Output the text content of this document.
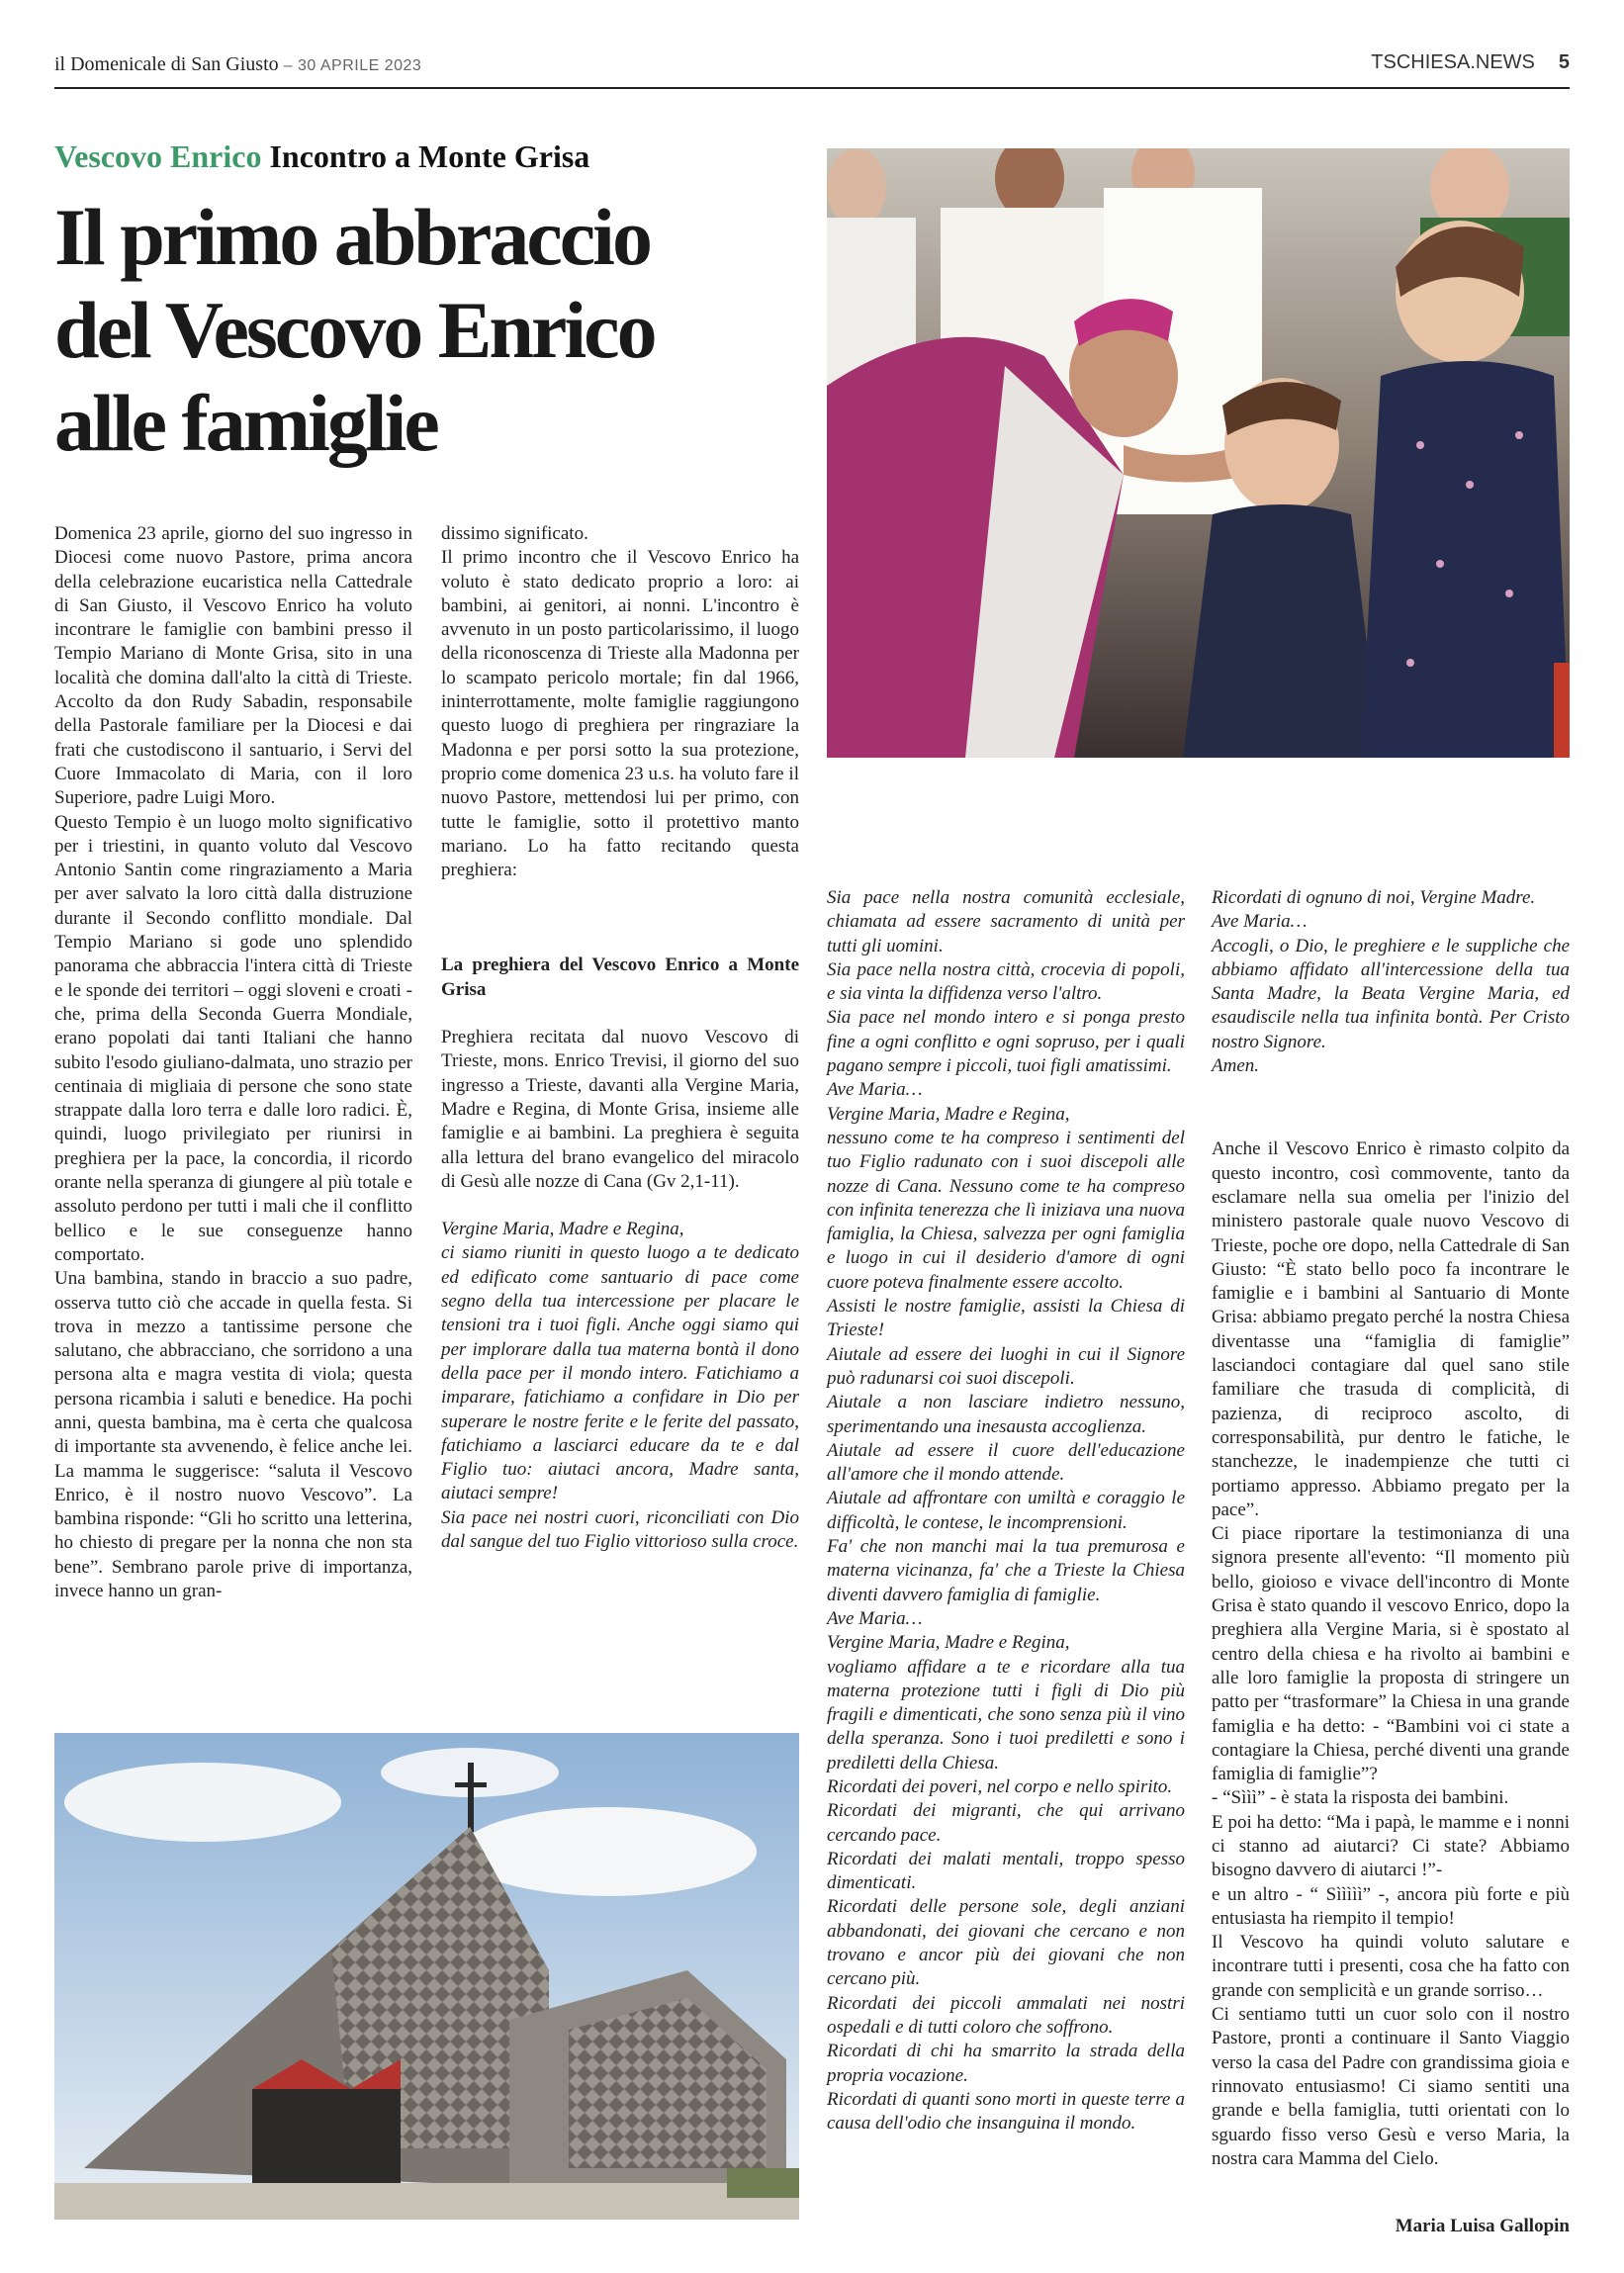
il Domenicale di San Giusto – 30 APRILE 2023	TSCHIESA.NEWS 5
Vescovo Enrico Incontro a Monte Grisa
Il primo abbraccio
del Vescovo Enrico
alle famiglie

Domenica 23 aprile, giorno del suo ingresso in Diocesi come nuovo Pastore, prima ancora della celebrazione eucaristica nella Cattedrale di San Giusto, il Vescovo Enrico ha voluto incontrare le famiglie con bambini presso il Tempio Mariano di Monte Grisa, sito in una località che domina dall'alto la città di Trieste. Accolto da don Rudy Sabadin, responsabile della Pastorale familiare per la Diocesi e dai frati che custodiscono il santuario, i Servi del Cuore Immacolato di Maria, con il loro Superiore, padre Luigi Moro.

Questo Tempio è un luogo molto significativo per i triestini, in quanto voluto dal Vescovo Antonio Santin come ringraziamento a Maria per aver salvato la loro città dalla distruzione durante il Secondo conflitto mondiale. Dal Tempio Mariano si gode uno splendido panorama che abbraccia l'intera città di Trieste e le sponde dei territori – oggi sloveni e croati - che, prima della Seconda Guerra Mondiale, erano popolati dai tanti Italiani che hanno subito l'esodo giuliano-dalmata, uno strazio per centinaia di migliaia di persone che sono state strappate dalla loro terra e dalle loro radici. È, quindi, luogo privilegiato per riunirsi in preghiera per la pace, la concordia, il ricordo orante nella speranza di giungere al più totale e assoluto perdono per tutti i mali che il conflitto bellico e le sue conseguenze hanno comportato.

Una bambina, stando in braccio a suo padre, osserva tutto ciò che accade in quella festa. Si trova in mezzo a tantissime persone che salutano, che abbracciano, che sorridono a una persona alta e magra vestita di viola; questa persona ricambia i saluti e benedice. Ha pochi anni, questa bambina, ma è certa che qualcosa di importante sta avvenendo, è felice anche lei. La mamma le suggerisce: “saluta il Vescovo Enrico, è il nostro nuovo Vescovo”. La bambina risponde: “Gli ho scritto una letterina, ho chiesto di pregare per la nonna che non sta bene”. Sembrano parole prive di importanza, invece hanno un gran-

dissimo significato.

Il primo incontro che il Vescovo Enrico ha voluto è stato dedicato proprio a loro: ai bambini, ai genitori, ai nonni. L'incontro è avvenuto in un posto particolarissimo, il luogo della riconoscenza di Trieste alla Madonna per lo scampato pericolo mortale; fin dal 1966, ininterrottamente, molte famiglie raggiungono questo luogo di preghiera per ringraziare la Madonna e per porsi sotto la sua protezione, proprio come domenica 23 u.s. ha voluto fare il nuovo Pastore, mettendosi lui per primo, con tutte le famiglie, sotto il protettivo manto mariano. Lo ha fatto recitando questa preghiera:

La preghiera del Vescovo Enrico a Monte Grisa

Preghiera recitata dal nuovo Vescovo di Trieste, mons. Enrico Trevisi, il giorno del suo ingresso a Trieste, davanti alla Vergine Maria, Madre e Regina, di Monte Grisa, insieme alle famiglie e ai bambini. La preghiera è seguita alla lettura del brano evangelico del miracolo di Gesù alle nozze di Cana (Gv 2,1-11).

Vergine Maria, Madre e Regina,

ci siamo riuniti in questo luogo a te dedicato ed edificato come santuario di pace come segno della tua intercessione per placare le tensioni tra i tuoi figli. Anche oggi siamo qui per implorare dalla tua materna bontà il dono della pace per il mondo intero. Fatichiamo a imparare, fatichiamo a confidare in Dio per superare le nostre ferite e le ferite del passato, fatichiamo a lasciarci educare da te e dal Figlio tuo: aiutaci ancora, Madre santa, aiutaci sempre!

Sia pace nei nostri cuori, riconciliati con Dio dal sangue del tuo Figlio vittorioso sulla croce.

Sia pace nella nostra comunità ecclesiale, chiamata ad essere sacramento di unità per tutti gli uomini.

Sia pace nella nostra città, crocevia di popoli, e sia vinta la diffidenza verso l'altro.

Sia pace nel mondo intero e si ponga presto fine a ogni conflitto e ogni sopruso, per i quali pagano sempre i piccoli, tuoi figli amatissimi.

Ave Maria…

Vergine Maria, Madre e Regina,

nessuno come te ha compreso i sentimenti del tuo Figlio radunato con i suoi discepoli alle nozze di Cana. Nessuno come te ha compreso con infinita tenerezza che lì iniziava una nuova famiglia, la Chiesa, salvezza per ogni famiglia e luogo in cui il desiderio d'amore di ogni cuore poteva finalmente essere accolto.

Assisti le nostre famiglie, assisti la Chiesa di Trieste!

Aiutale ad essere dei luoghi in cui il Signore può radunarsi coi suoi discepoli.

Aiutale a non lasciare indietro nessuno, sperimentando una inesausta accoglienza.

Aiutale ad essere il cuore dell'educazione all'amore che il mondo attende.

Aiutale ad affrontare con umiltà e coraggio le difficoltà, le contese, le incomprensioni.

Fa' che non manchi mai la tua premurosa e materna vicinanza, fa' che a Trieste la Chiesa diventi davvero famiglia di famiglie.

Ave Maria…

Vergine Maria, Madre e Regina,

vogliamo affidare a te e ricordare alla tua materna protezione tutti i figli di Dio più fragili e dimenticati, che sono senza più il vino della speranza. Sono i tuoi prediletti e sono i prediletti della Chiesa.

Ricordati dei poveri, nel corpo e nello spirito.

Ricordati dei migranti, che qui arrivano cercando pace.

Ricordati dei malati mentali, troppo spesso dimenticati.

Ricordati delle persone sole, degli anziani abbandonati, dei giovani che cercano e non trovano e ancor più dei giovani che non cercano più.

Ricordati dei piccoli ammalati nei nostri ospedali e di tutti coloro che soffrono.

Ricordati di chi ha smarrito la strada della propria vocazione.

Ricordati di quanti sono morti in queste terre a causa dell'odio che insanguina il mondo.

Ricordati di ognuno di noi, Vergine Madre.

Ave Maria…

Accogli, o Dio, le preghiere e le suppliche che abbiamo affidato all'intercessione della tua Santa Madre, la Beata Vergine Maria, ed esaudiscile nella tua infinita bontà. Per Cristo nostro Signore.

Amen.

Anche il Vescovo Enrico è rimasto colpito da questo incontro, così commovente, tanto da esclamare nella sua omelia per l'inizio del ministero pastorale quale nuovo Vescovo di Trieste, poche ore dopo, nella Cattedrale di San Giusto: “È stato bello poco fa incontrare le famiglie e i bambini al Santuario di Monte Grisa: abbiamo pregato perché la nostra Chiesa diventasse una “famiglia di famiglie” lasciandoci contagiare dal quel sano stile familiare che trasuda di complicità, di pazienza, di reciproco ascolto, di corresponsabilità, pur dentro le fatiche, le stanchezze, le inadempienze che tutti ci portiamo appresso. Abbiamo pregato per la pace”.

Ci piace riportare la testimonianza di una signora presente all'evento: “Il momento più bello, gioioso e vivace dell'incontro di Monte Grisa è stato quando il vescovo Enrico, dopo la preghiera alla Vergine Maria, si è spostato al centro della chiesa e ha rivolto ai bambini e alle loro famiglie la proposta di stringere un patto per “trasformare” la Chiesa in una grande famiglia e ha detto: - “Bambini voi ci state a contagiare la Chiesa, perché diventi una grande famiglia di famiglie”?

- “Sììì” - è stata la risposta dei bambini.

E poi ha detto: “Ma i papà, le mamme e i nonni ci stanno ad aiutarci? Ci state? Abbiamo bisogno davvero di aiutarci !”-

e un altro - “ Sììììì” -, ancora più forte e più entusiasta ha riempito il tempio!

Il Vescovo ha quindi voluto salutare e incontrare tutti i presenti, cosa che ha fatto con grande con semplicità e un grande sorriso…

Ci sentiamo tutti un cuor solo con il nostro Pastore, pronti a continuare il Santo Viaggio verso la casa del Padre con grandissima gioia e rinnovato entusiasmo! Ci siamo sentiti una grande e bella famiglia, tutti orientati con lo sguardo fisso verso Gesù e verso Maria, la nostra cara Mamma del Cielo.

Maria Luisa Gallopin
